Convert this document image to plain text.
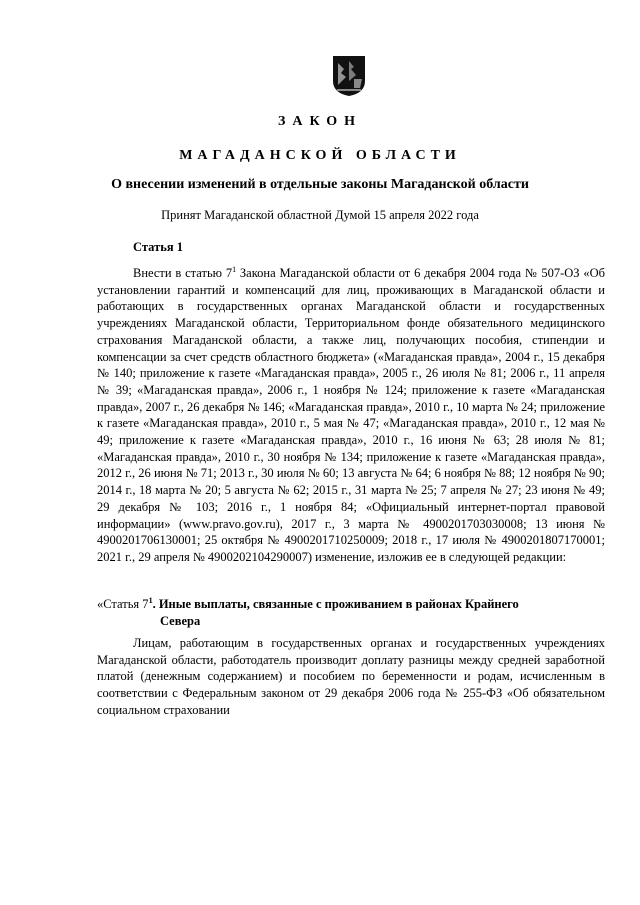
ЗАКОН
МАГАДАНСКОЙ ОБЛАСТИ
О внесении изменений в отдельные законы Магаданской области
Принят Магаданской областной Думой 15 апреля 2022 года
Статья 1

Внести в статью $7^1$ Закона Магаданской области от 6 декабря 2004 года № 507-ОЗ «Об установлении гарантий и компенсаций для лиц, проживающих в Магаданской области и работающих в государственных органах Магаданской области и государственных учреждениях Магаданской области, Территориальном фонде обязательного медицинского страхования Магаданской области, а также лиц, получающих пособия, стипендии и компенсации за счет средств областного бюджета» («Магаданская правда», 2004 г., 15 декабря № 140; приложение к газете «Магаданская правда», 2005 г., 26 июля № 81; 2006 г., 11 апреля № 39; «Магаданская правда», 2006 г., 1 ноября № 124; приложение к газете «Магаданская правда», 2007 г., 26 декабря № 146; «Магаданская правда», 2010 г., 10 марта № 24; приложение к газете «Магаданская правда», 2010 г., 5 мая № 47; «Магаданская правда», 2010 г., 12 мая № 49; приложение к газете «Магаданская правда», 2010 г., 16 июня № 63; 28 июля № 81; «Магаданская правда», 2010 г., 30 ноября № 134; приложение к газете «Магаданская правда», 2012 г., 26 июня № 71; 2013 г., 30 июля № 60; 13 августа № 64; 6 ноября № 88; 12 ноября № 90; 2014 г., 18 марта № 20; 5 августа № 62; 2015 г., 31 марта № 25; 7 апреля № 27; 23 июня № 49; 29 декабря № 103; 2016 г., 1 ноября 84; «Официальный интернет-портал правовой информации» (www.pravo.gov.ru), 2017 г., 3 марта № 4900201703030008; 13 июня № 4900201706130001; 25 октября № 4900201710250009; 2018 г., 17 июля № 4900201807170001; 2021 г., 29 апреля № 4900202104290007) изменение, изложив ее в следующей редакции:

«Статья $7^1$. Иные выплаты, связанные с проживанием в районах Крайнего
Севера

Лицам, работающим в государственных органах и государственных учреждениях Магаданской области, работодатель производит доплату разницы между средней заработной платой (денежным содержанием) и пособием по беременности и родам, исчисленным в соответствии с Федеральным законом от 29 декабря 2006 года № 255-ФЗ «Об обязательном социальном страховании
